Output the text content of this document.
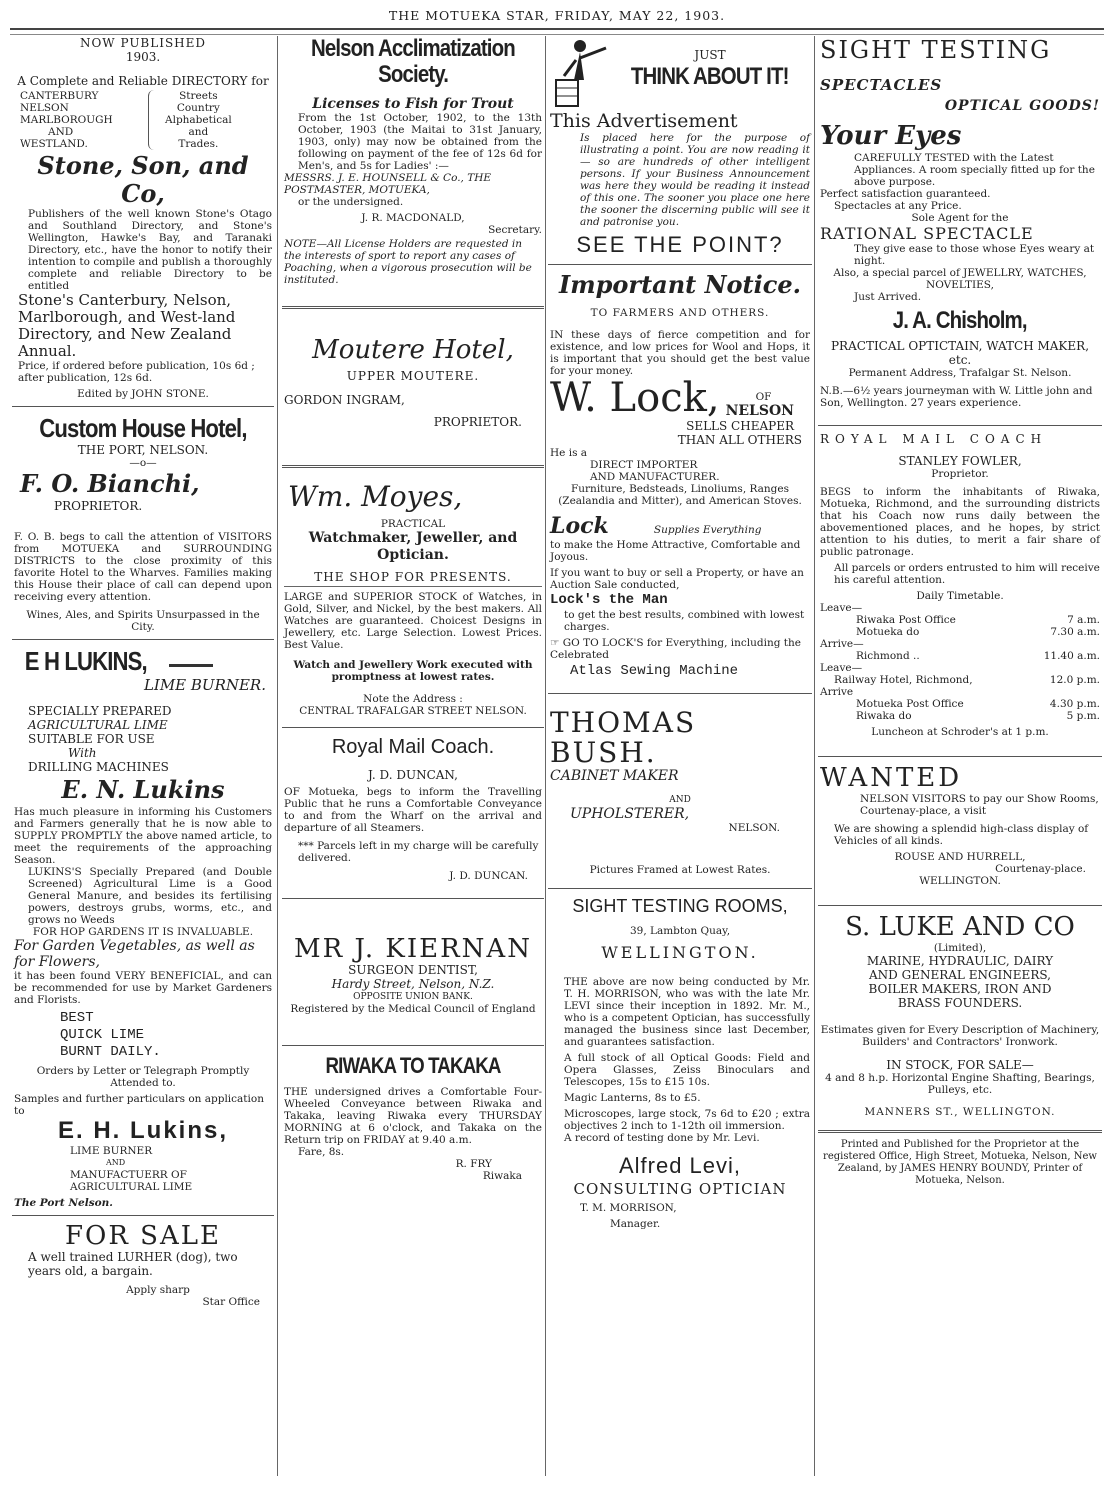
THE MOTUEKA STAR, FRIDAY, MAY 22, 1903.

NOW PUBLISHED

1903.

A Complete and Reliable DIRECTORY for

CANTERBURY

NELSON

MARLBOROUGH

AND

WESTLAND.

Streets

Country

Alphabetical

and

Trades.

Stone, Son, and Co,

Publishers of the well known Stone's Otago and Southland Directory, and Stone's Wellington, Hawke's Bay, and Taranaki Directory, etc., have the honor to notify their intention to compile and publish a thoroughly complete and reliable Directory to be entitled

Stone's Canterbury, Nelson, Marlborough, and West-land Directory, and New Zealand Annual.

Price, if ordered before publication, 10s 6d ; after publication, 12s 6d.

Edited by JOHN STONE.

Custom House Hotel,

THE PORT, NELSON.

—o—

F. O. Bianchi,

PROPRIETOR.

F. O. B. begs to call the attention of VISITORS from MOTUEKA and SURROUNDING DISTRICTS to the close proximity of this favorite Hotel to the Wharves. Families making this House their place of call can depend upon receiving every attention.

Wines, Ales, and Spirits Unsurpassed in the City.

E H LUKINS,

LIME BURNER.

SPECIALLY PREPARED

AGRICULTURAL LIME

SUITABLE FOR USE

With

DRILLING MACHINES

E. N. Lukins

Has much pleasure in informing his Customers and Farmers generally that he is now able to SUPPLY PROMPTLY the above named article, to meet the requirements of the approaching Season.

LUKINS'S Specially Prepared (and Double Screened) Agricultural Lime is a Good General Manure, and besides its fertilising powers, destroys grubs, worms, etc., and grows no Weeds

FOR HOP GARDENS IT IS INVALUABLE.

For Garden Vegetables, as well as for Flowers,

it has been found VERY BENEFICIAL, and can be recommended for use by Market Gardeners and Florists.

BEST

QUICK LIME

BURNT DAILY.

Orders by Letter or Telegraph Promptly Attended to.

Samples and further particulars on application to

E. H. Lukins,

LIME BURNER

AND

MANUFACTUERR OF

AGRICULTURAL LIME

The Port Nelson.

FOR SALE

A well trained LURHER (dog), two years old, a bargain.

Apply sharp

Star Office

Nelson Acclimatization

Society.

Licenses to Fish for Trout

From the 1st October, 1902, to the 13th October, 1903 (the Maitai to 31st January, 1903, only) may now be obtained from the following on payment of the fee of 12s 6d for Men's, and 5s for Ladies' :—

MESSRS. J. E. HOUNSELL & Co., THE POSTMASTER, MOTUEKA,

or the undersigned.

J. R. MACDONALD,

Secretary.

NOTE—All License Holders are requested in the interests of sport to report any cases of Poaching, when a vigorous prosecution will be instituted.

Moutere Hotel,

UPPER MOUTERE.

GORDON INGRAM,

PROPRIETOR.

Wm. Moyes,

PRACTICAL

Watchmaker, Jeweller, and Optician.

THE SHOP FOR PRESENTS.

LARGE and SUPERIOR STOCK of Watches, in Gold, Silver, and Nickel, by the best makers. All Watches are guaranteed. Choicest Designs in Jewellery, etc. Large Selection. Lowest Prices. Best Value.

Watch and Jewellery Work executed with promptness at lowest rates.

Note the Address :

CENTRAL TRAFALGAR STREET NELSON.

Royal Mail Coach.

J. D. DUNCAN,

OF Motueka, begs to inform the Travelling Public that he runs a Comfortable Conveyance to and from the Wharf on the arrival and departure of all Steamers.

*** Parcels left in my charge will be carefully delivered.

J. D. DUNCAN.

MR J. KIERNAN

SURGEON DENTIST,

Hardy Street, Nelson, N.Z.

OPPOSITE UNION BANK.

Registered by the Medical Council of England

RIWAKA TO TAKAKA

THE undersigned drives a Comfortable Four-Wheeled Conveyance between Riwaka and Takaka, leaving Riwaka every THURSDAY MORNING at 6 o'clock, and Takaka on the Return trip on FRIDAY at 9.40 a.m.

Fare, 8s.

R. FRY

Riwaka

JUST

THINK ABOUT IT!

This Advertisement

Is placed here for the purpose of illustrating a point. You are now reading it — so are hundreds of other intelligent persons. If your Business Announcement was here they would be reading it instead of this one. The sooner you place one here the sooner the discerning public will see it and patronise you.

SEE THE POINT?

Important Notice.

TO FARMERS AND OTHERS.

IN these days of fierce competition and for existence, and low prices for Wool and Hops, it is important that you should get the best value for your money.

W. Lock,	OF

NELSON

SELLS CHEAPER

THAN ALL OTHERS

He is a

DIRECT IMPORTER

AND MANUFACTURER.

Furniture, Bedsteads, Linoliums, Ranges (Zealandia and Mitter), and American Stoves.

Lock	Supplies Everything

to make the Home Attractive, Comfortable and Joyous.

If you want to buy or sell a Property, or have an Auction Sale conducted,

Lock's the Man

to get the best results, combined with lowest charges.

☞ GO TO LOCK'S for Everything, including the Celebrated

Atlas Sewing Machine

THOMAS BUSH.

CABINET MAKER

AND

UPHOLSTERER,

NELSON.

Pictures Framed at Lowest Rates.

SIGHT TESTING ROOMS,

39, Lambton Quay,

WELLINGTON.

THE above are now being conducted by Mr. T. H. MORRISON, who was with the late Mr. LEVI since their inception in 1892. Mr. M., who is a competent Optician, has successfully managed the business since last December, and guarantees satisfaction.

A full stock of all Optical Goods: Field and Opera Glasses, Zeiss Binoculars and Telescopes, 15s to £15 10s.

Magic Lanterns, 8s to £5.

Microscopes, large stock, 7s 6d to £20 ; extra objectives 2 inch to 1-12th oil immersion.

A record of testing done by Mr. Levi.

Alfred Levi,

CONSULTING OPTICIAN

T. M. MORRISON,

Manager.

SIGHT TESTING

SPECTACLES

OPTICAL GOODS!

Your Eyes

CAREFULLY TESTED with the Latest Appliances. A room specially fitted up for the above purpose.

Perfect satisfaction guaranteed.

Spectacles at any Price.

Sole Agent for the

RATIONAL SPECTACLE

They give ease to those whose Eyes weary at night.

Also, a special parcel of JEWELLRY, WATCHES, NOVELTIES,

Just Arrived.

J. A. Chisholm,

PRACTICAL OPTICTAIN, WATCH MAKER, etc.

Permanent Address, Trafalgar St. Nelson.

N.B.—6½ years journeyman with W. Little john and Son, Wellington. 27 years experience.

ROYAL MAIL COACH

STANLEY FOWLER,

Proprietor.

BEGS to inform the inhabitants of Riwaka, Motueka, Richmond, and the surrounding districts that his Coach now runs daily between the abovementioned places, and he hopes, by strict attention to his duties, to merit a fair share of public patronage.

All parcels or orders entrusted to him will receive his careful attention.

Daily Timetable.

Leave—

Riwaka Post Office	7 a.m.
Motueka do	7.30 a.m.

Arrive—

Richmond ..	11.40 a.m.

Leave—

Railway Hotel, Richmond,	12.0 p.m.

Arrive

Motueka Post Office	4.30 p.m.
Riwaka do	5 p.m.

Luncheon at Schroder's at 1 p.m.

WANTED

NELSON VISITORS to pay our Show Rooms, Courtenay-place, a visit

We are showing a splendid high-class display of Vehicles of all kinds.

ROUSE AND HURRELL,

Courtenay-place.

WELLINGTON.

S. LUKE AND CO

(Limited),

MARINE, HYDRAULIC, DAIRY

AND GENERAL ENGINEERS,

BOILER MAKERS, IRON AND

BRASS FOUNDERS.

Estimates given for Every Description of Machinery,

Builders' and Contractors' Ironwork.

IN STOCK, FOR SALE—

4 and 8 h.p. Horizontal Engine Shafting, Bearings, Pulleys, etc.

MANNERS ST., WELLINGTON.

Printed and Published for the Proprietor at the registered Office, High Street, Motueka, Nelson, New Zealand, by JAMES HENRY BOUNDY, Printer of Motueka, Nelson.
